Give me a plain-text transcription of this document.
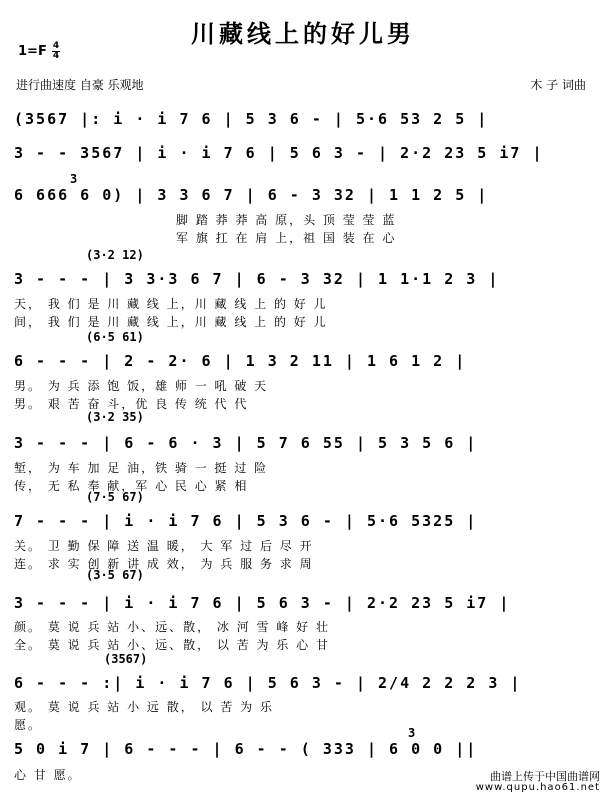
川藏线上的好儿男
1=F 4
4
进行曲速度 自豪 乐观地	木 子 词曲
(3567 |: i · i 7 6 | 5 3 6 - | 5·6 53 2 5 |
3 - - 3567 | i · i 7 6 | 5 6 3 - | 2·2 23 5 i7 |
3
6 666 6 0) | 3 3 6 7 | 6 - 3 32 | 1 1 2 5 |
脚 踏 莽 莽 高 原，头 顶 莹 莹 蓝
军 旗 扛 在 肩 上，祖 国 装 在 心
(3·2 12)
3 - - - | 3 3·3 6 7 | 6 - 3 32 | 1 1·1 2 3 |
天， 我 们 是 川 藏 线 上，川 藏 线 上 的 好 儿
间， 我 们 是 川 藏 线 上，川 藏 线 上 的 好 儿
(6·5 61)
6 - - - | 2 - 2· 6 | 1 3 2 11 | 1 6 1 2 |
男。 为 兵 添 饱 饭，雄 师 一 吼 破 天
男。 艰 苦 奋 斗，优 良 传 统 代 代
(3·2 35)
3 - - - | 6 - 6 · 3 | 5 7 6 55 | 5 3 5 6 |
堑， 为 车 加 足 油，铁 骑 一 挺 过 险
传， 无 私 奉 献，军 心 民 心 紧 相
(7·5 67)
7 - - - | i · i 7 6 | 5 3 6 - | 5·6 5325 |
关。 卫 勤 保 障 送 温 暖， 大 军 过 后 尽 开
连。 求 实 创 新 讲 成 效， 为 兵 服 务 求 周
(3·5 67)
3 - - - | i · i 7 6 | 5 6 3 - | 2·2 23 5 i7 |
颜。 莫 说 兵 站 小、远、散， 冰 河 雪 峰 好 壮
全。 莫 说 兵 站 小、远、散， 以 苦 为 乐 心 甘
(3567)
6 - - - :| i · i 7 6 | 5 6 3 - | 2/4 2 2 2 3 |
观。 莫 说 兵 站 小 远 散， 以 苦 为 乐
愿。
3
5 0 i 7 | 6 - - - | 6 - - ( 333 | 6 0 0 ||
心 甘 愿。	曲谱上传于中国曲谱网
www.qupu.hao61.net
